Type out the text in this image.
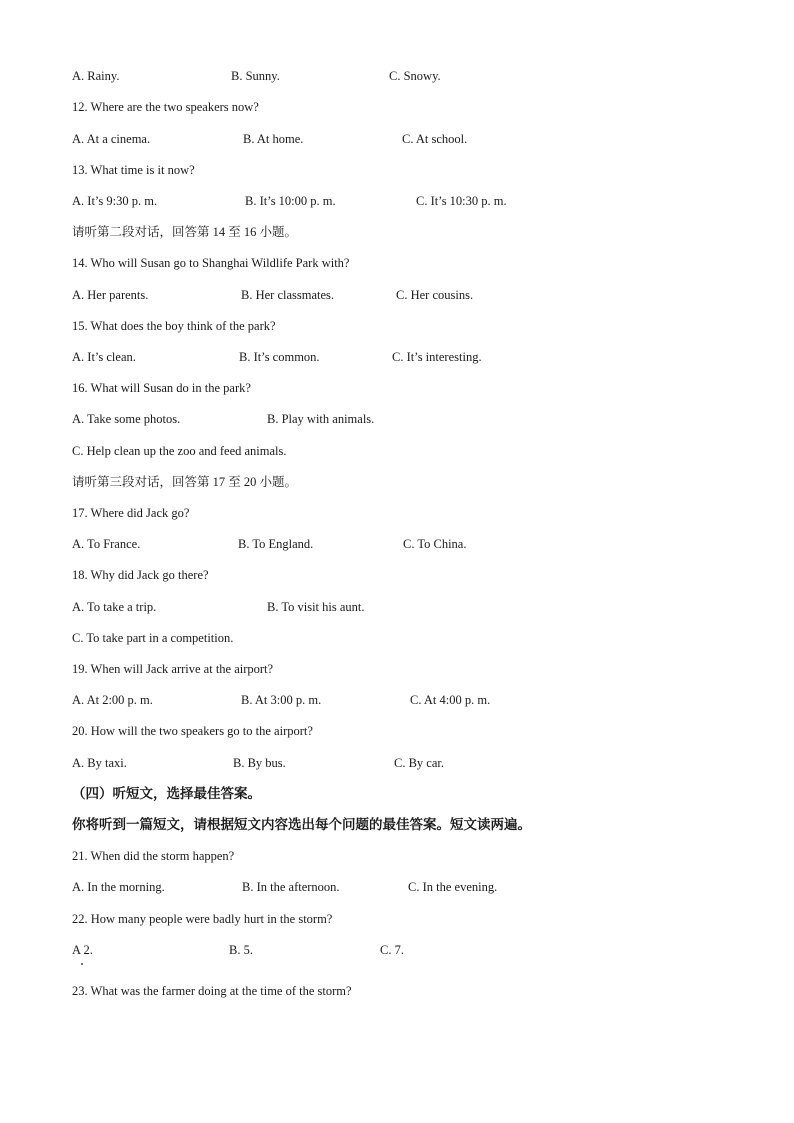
A. Rainy.	B. Sunny.	C. Snowy.
12. Where are the two speakers now?
A. At a cinema.	B. At home.	C. At school.
13. What time is it now?
A. It’s 9:30 p. m.	B. It’s 10:00 p. m.	C. It’s 10:30 p. m.
请听第二段对话，回答第 14 至 16 小题。
14. Who will Susan go to Shanghai Wildlife Park with?
A. Her parents.	B. Her classmates.	C. Her cousins.
15. What does the boy think of the park?
A. It’s clean.	B. It’s common.	C. It’s interesting.
16. What will Susan do in the park?
A. Take some photos.	B. Play with animals.
C. Help clean up the zoo and feed animals.
请听第三段对话，回答第 17 至 20 小题。
17. Where did Jack go?
A. To France.	B. To England.	C. To China.
18. Why did Jack go there?
A. To take a trip.	B. To visit his aunt.
C. To take part in a competition.
19. When will Jack arrive at the airport?
A. At 2:00 p. m.	B. At 3:00 p. m.	C. At 4:00 p. m.
20. How will the two speakers go to the airport?
A. By taxi.	B. By bus.	C. By car.
（四）听短文，选择最佳答案。
你将听到一篇短文，请根据短文内容选出每个问题的最佳答案。短文读两遍。
21. When did the storm happen?
A. In the morning.	B. In the afternoon.	C. In the evening.
22. How many people were badly hurt in the storm?
A 2.	B. 5.	C. 7.
23. What was the farmer doing at the time of the storm?
